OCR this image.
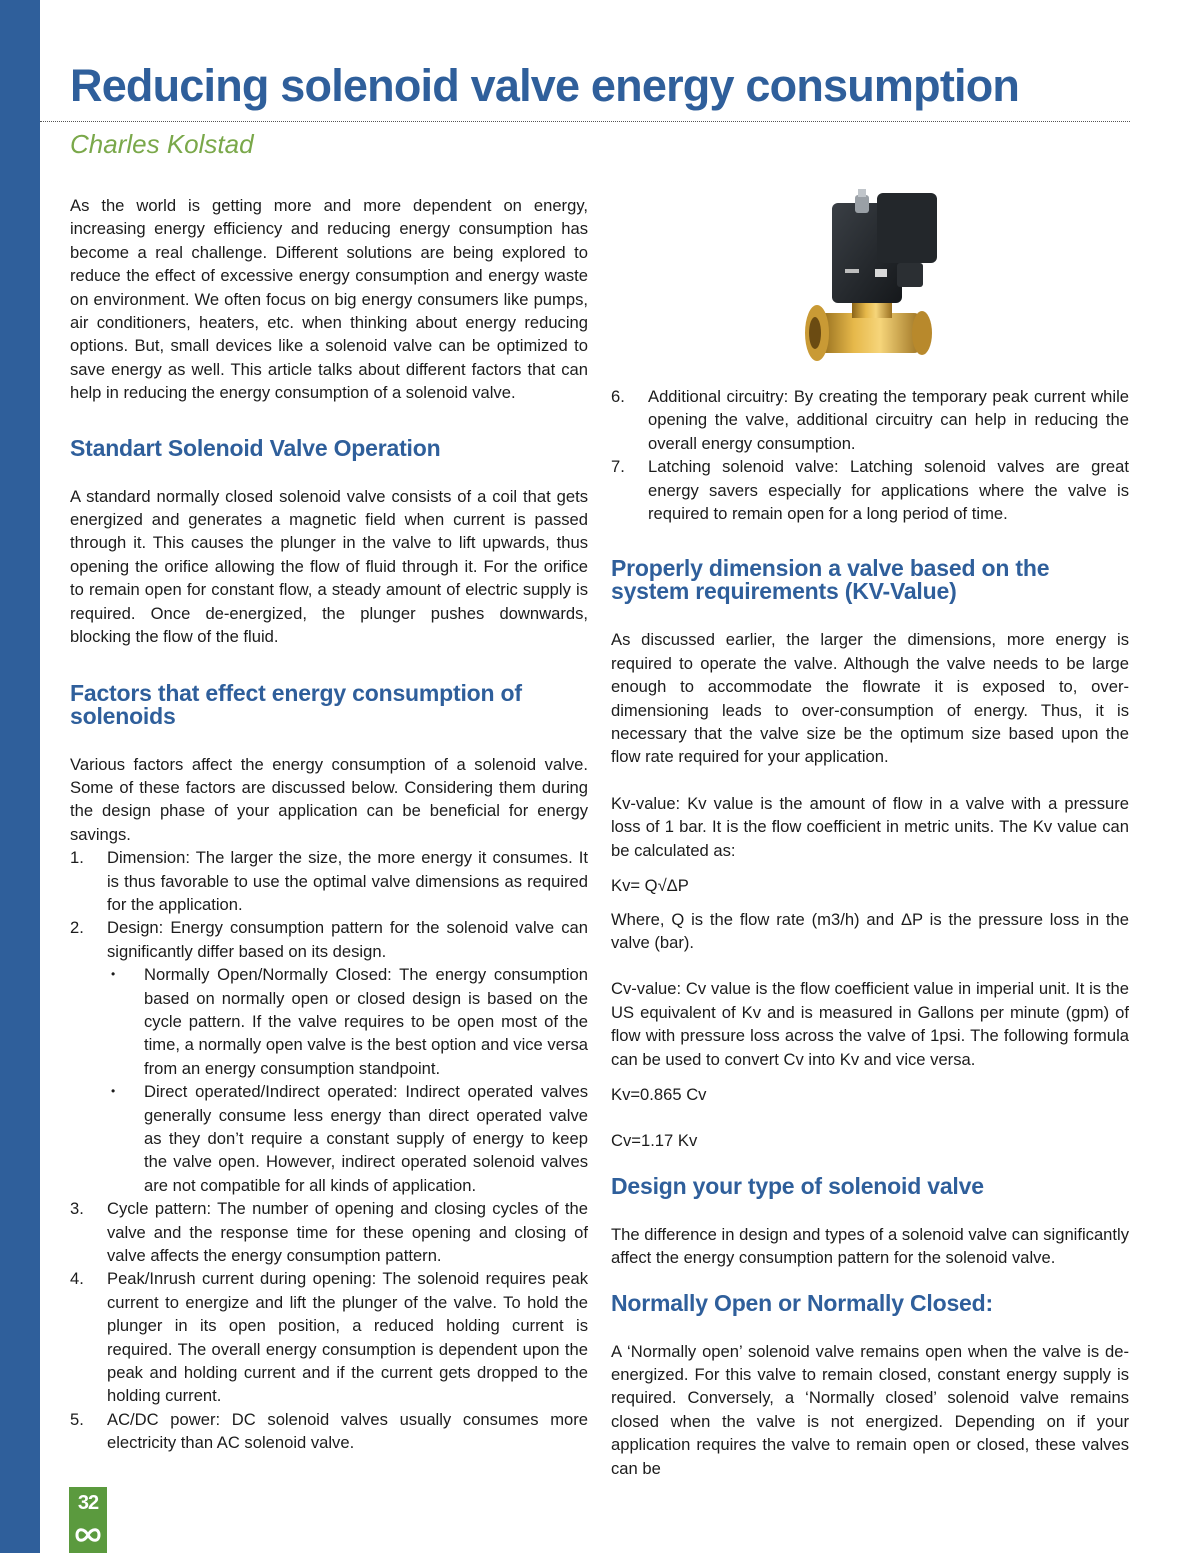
Reducing solenoid valve energy consumption
Charles Kolstad

As the world is getting more and more dependent on energy, increasing energy efficiency and reducing energy consumption has become a real challenge. Different solutions are being explored to reduce the effect of excessive energy consumption and energy waste on environment. We often focus on big energy consumers like pumps, air conditioners, heaters, etc. when thinking about energy reducing options. But, small devices like a solenoid valve can be optimized to save energy as well. This article talks about different factors that can help in reducing the energy consumption of a solenoid valve.

Standart Solenoid Valve Operation

A standard normally closed solenoid valve consists of a coil that gets energized and generates a magnetic field when current is passed through it. This causes the plunger in the valve to lift upwards, thus opening the orifice allowing the flow of fluid through it. For the orifice to remain open for constant flow, a steady amount of electric supply is required. Once de-energized, the plunger pushes downwards, blocking the flow of the fluid.

Factors that effect energy consumption of solenoids

Various factors affect the energy consumption of a solenoid valve. Some of these factors are discussed below. Considering them during the design phase of your application can be beneficial for energy savings.

1. Dimension: The larger the size, the more energy it consumes. It is thus favorable to use the optimal valve dimensions as required for the application.
2. Design: Energy consumption pattern for the solenoid valve can significantly differ based on its design.
• Normally Open/Normally Closed: The energy consumption based on normally open or closed design is based on the cycle pattern. If the valve requires to be open most of the time, a normally open valve is the best option and vice versa from an energy consumption standpoint.
• Direct operated/Indirect operated: Indirect operated valves generally consume less energy than direct operated valve as they don’t require a constant supply of energy to keep the valve open. However, indirect operated solenoid valves are not compatible for all kinds of application.
3. Cycle pattern: The number of opening and closing cycles of the valve and the response time for these opening and closing of valve affects the energy consumption pattern.
4. Peak/Inrush current during opening: The solenoid requires peak current to energize and lift the plunger of the valve. To hold the plunger in its open position, a reduced holding current is required. The overall energy consumption is dependent upon the peak and holding current and if the current gets dropped to the holding current.
5. AC/DC power: DC solenoid valves usually consumes more electricity than AC solenoid valve.
6. Additional circuitry: By creating the temporary peak current while opening the valve, additional circuitry can help in reducing the overall energy consumption.
7. Latching solenoid valve: Latching solenoid valves are great energy savers especially for applications where the valve is required to remain open for a long period of time.
Properly dimension a valve based on the system requirements (KV-Value)

As discussed earlier, the larger the dimensions, more energy is required to operate the valve. Although the valve needs to be large enough to accommodate the flowrate it is exposed to, over-dimensioning leads to over-consumption of energy. Thus, it is necessary that the valve size be the optimum size based upon the flow rate required for your application.

Kv-value: Kv value is the amount of flow in a valve with a pressure loss of 1 bar. It is the flow coefficient in metric units. The Kv value can be calculated as:

Kv= Q√ΔP

Where, Q is the flow rate (m3/h) and ΔP is the pressure loss in the valve (bar).

Cv-value: Cv value is the flow coefficient value in imperial unit. It is the US equivalent of Kv and is measured in Gallons per minute (gpm) of flow with pressure loss across the valve of 1psi. The following formula can be used to convert Cv into Kv and vice versa.

Kv=0.865 Cv

Cv=1.17 Kv

Design your type of solenoid valve

The difference in design and types of a solenoid valve can significantly affect the energy consumption pattern for the solenoid valve.

Normally Open or Normally Closed:

A ‘Normally open’ solenoid valve remains open when the valve is de-energized. For this valve to remain closed, constant energy supply is required. Conversely, a ‘Normally closed’ solenoid valve remains closed when the valve is not energized. Depending on if your application requires the valve to remain open or closed, these valves can be

32
